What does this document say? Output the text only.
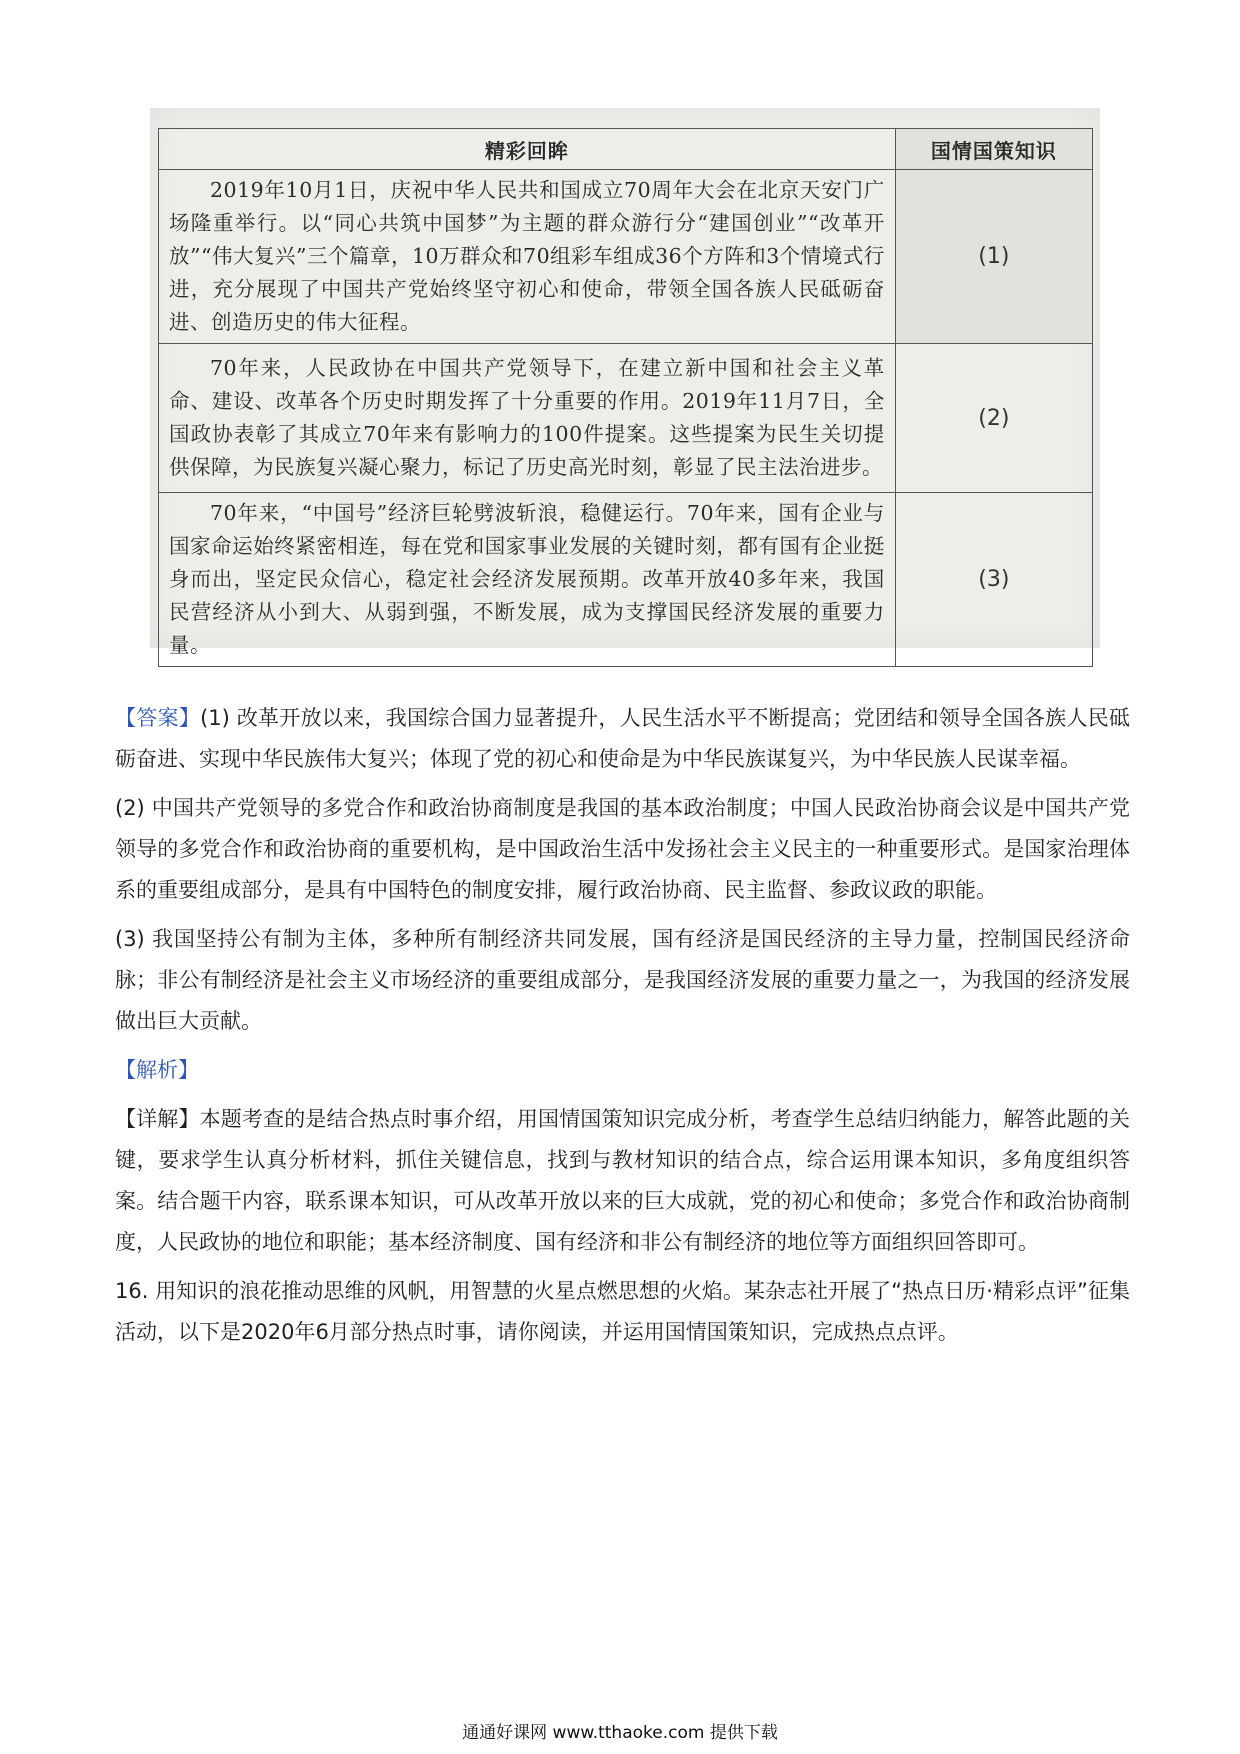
精彩回眸	国情国策知识
2019年10月1日，庆祝中华人民共和国成立70周年大会在北京天安门广场隆重举行。以“同心共筑中国梦”为主题的群众游行分“建国创业”“改革开放”“伟大复兴”三个篇章，10万群众和70组彩车组成36个方阵和3个情境式行进，充分展现了中国共产党始终坚守初心和使命，带领全国各族人民砥砺奋进、创造历史的伟大征程。	(1)
70年来，人民政协在中国共产党领导下，在建立新中国和社会主义革命、建设、改革各个历史时期发挥了十分重要的作用。2019年11月7日，全国政协表彰了其成立70年来有影响力的100件提案。这些提案为民生关切提供保障，为民族复兴凝心聚力，标记了历史高光时刻，彰显了民主法治进步。	(2)
70年来，“中国号”经济巨轮劈波斩浪，稳健运行。70年来，国有企业与国家命运始终紧密相连，每在党和国家事业发展的关键时刻，都有国有企业挺身而出，坚定民众信心，稳定社会经济发展预期。改革开放40多年来，我国民营经济从小到大、从弱到强，不断发展，成为支撑国民经济发展的重要力量。	(3)

【答案】(1) 改革开放以来，我国综合国力显著提升，人民生活水平不断提高；党团结和领导全国各族人民砥砺奋进、实现中华民族伟大复兴；体现了党的初心和使命是为中华民族谋复兴，为中华民族人民谋幸福。

(2) 中国共产党领导的多党合作和政治协商制度是我国的基本政治制度；中国人民政治协商会议是中国共产党领导的多党合作和政治协商的重要机构，是中国政治生活中发扬社会主义民主的一种重要形式。是国家治理体系的重要组成部分，是具有中国特色的制度安排，履行政治协商、民主监督、参政议政的职能。

(3) 我国坚持公有制为主体，多种所有制经济共同发展，国有经济是国民经济的主导力量，控制国民经济命脉；非公有制经济是社会主义市场经济的重要组成部分，是我国经济发展的重要力量之一，为我国的经济发展做出巨大贡献。

【解析】

【详解】本题考查的是结合热点时事介绍，用国情国策知识完成分析，考查学生总结归纳能力，解答此题的关键，要求学生认真分析材料，抓住关键信息，找到与教材知识的结合点，综合运用课本知识，多角度组织答案。结合题干内容，联系课本知识，可从改革开放以来的巨大成就，党的初心和使命；多党合作和政治协商制度，人民政协的地位和职能；基本经济制度、国有经济和非公有制经济的地位等方面组织回答即可。

16. 用知识的浪花推动思维的风帆，用智慧的火星点燃思想的火焰。某杂志社开展了“热点日历·精彩点评”征集活动，以下是2020年6月部分热点时事，请你阅读，并运用国情国策知识，完成热点点评。

通通好课网 www.tthaoke.com 提供下载
